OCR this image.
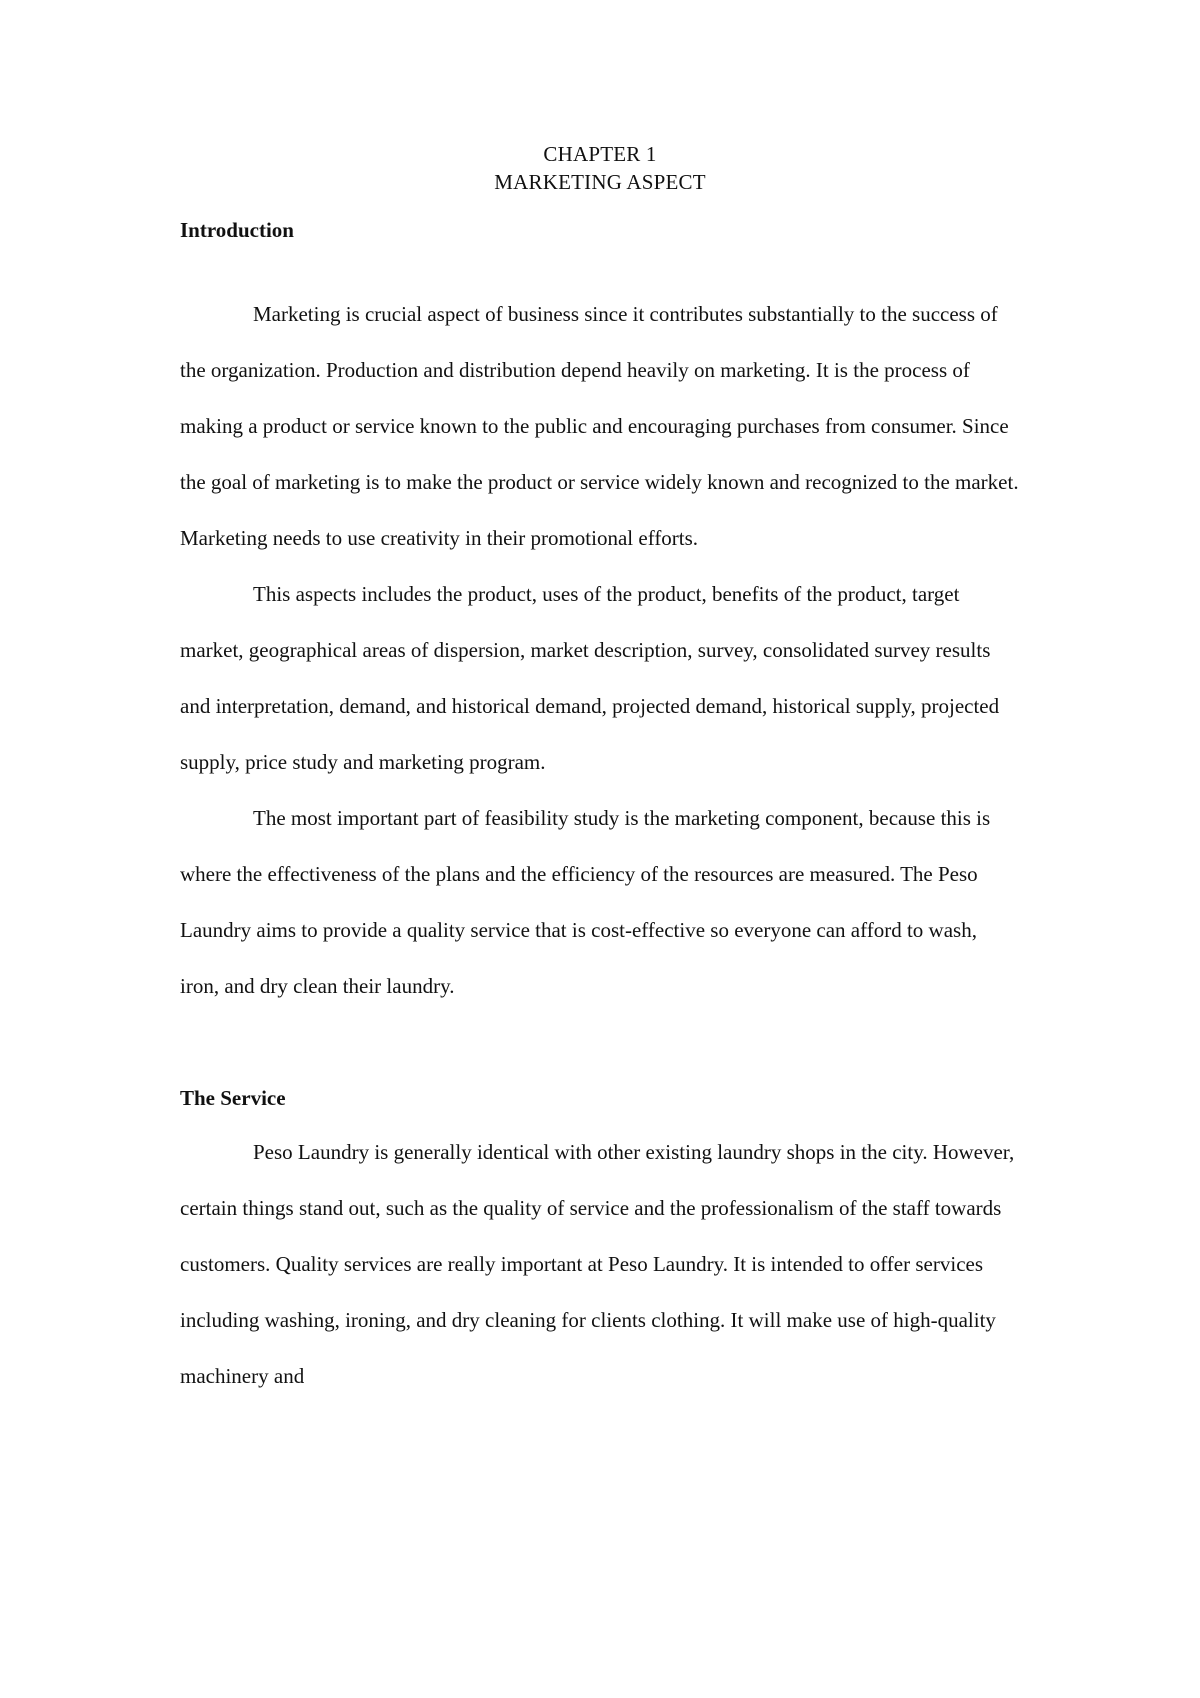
CHAPTER 1

MARKETING ASPECT

Introduction

Marketing is crucial aspect of business since it contributes substantially to the success of the organization. Production and distribution depend heavily on marketing. It is the process of making a product or service known to the public and encouraging purchases from consumer. Since the goal of marketing is to make the product or service widely known and recognized to the market. Marketing needs to use creativity in their promotional efforts.

This aspects includes the product, uses of the product, benefits of the product, target market, geographical areas of dispersion, market description, survey, consolidated survey results and interpretation, demand, and historical demand, projected demand, historical supply, projected supply, price study and marketing program.

The most important part of feasibility study is the marketing component, because this is where the effectiveness of the plans and the efficiency of the resources are measured. The Peso Laundry aims to provide a quality service that is cost-effective so everyone can afford to wash, iron, and dry clean their laundry.

The Service

Peso Laundry is generally identical with other existing laundry shops in the city. However, certain things stand out, such as the quality of service and the professionalism of the staff towards customers. Quality services are really important at Peso Laundry. It is intended to offer services including washing, ironing, and dry cleaning for clients clothing. It will make use of high-quality machinery and
